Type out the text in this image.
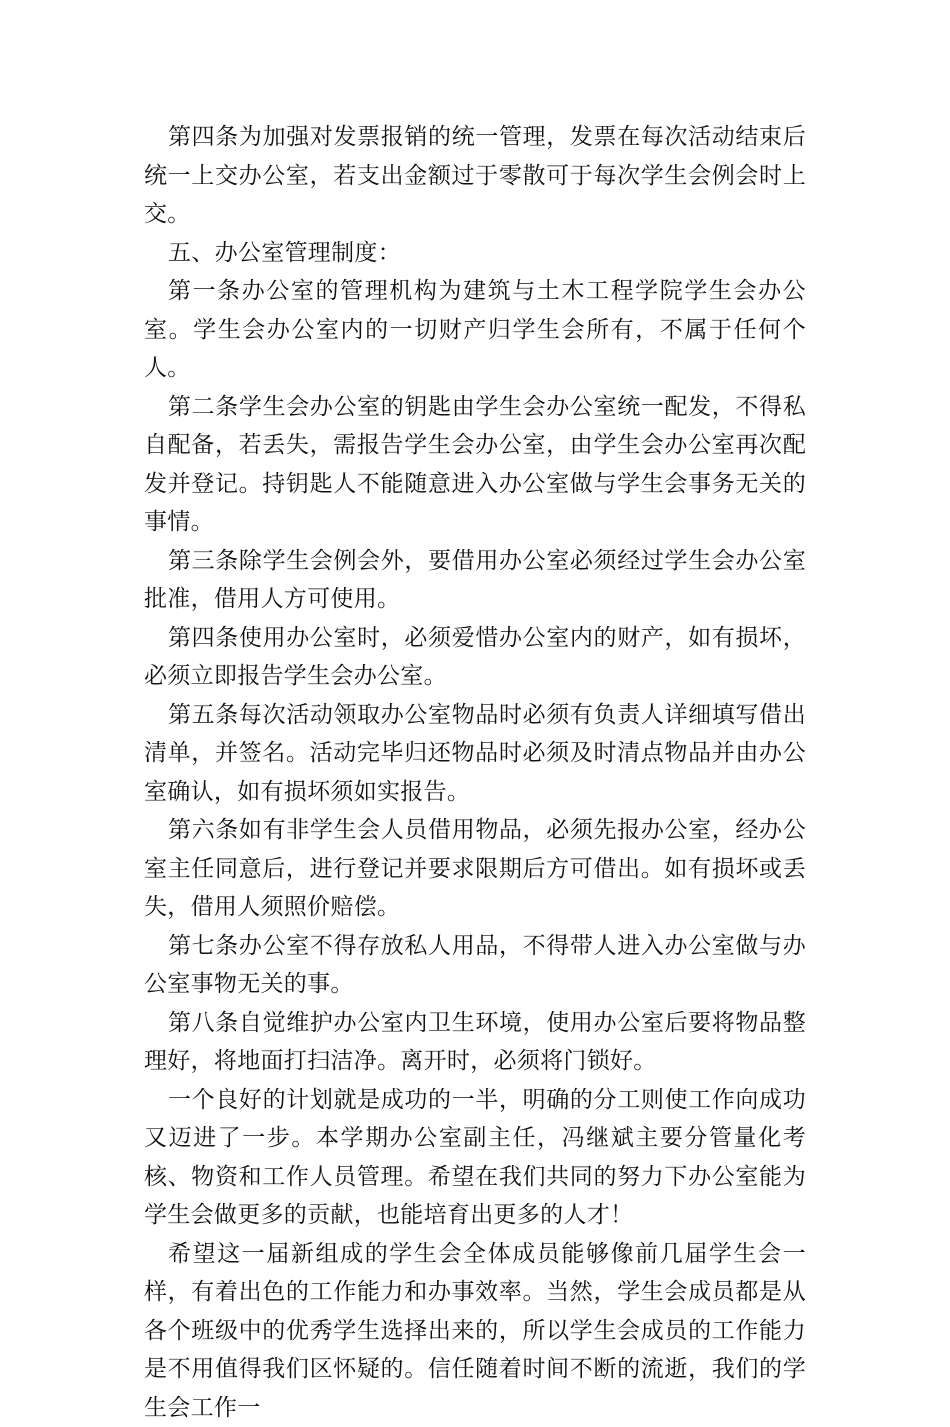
第四条为加强对发票报销的统一管理，发票在每次活动结束后统一上交办公室，若支出金额过于零散可于每次学生会例会时上交。

五、办公室管理制度：

第一条办公室的管理机构为建筑与土木工程学院学生会办公室。学生会办公室内的一切财产归学生会所有，不属于任何个人。

第二条学生会办公室的钥匙由学生会办公室统一配发，不得私自配备，若丢失，需报告学生会办公室，由学生会办公室再次配发并登记。持钥匙人不能随意进入办公室做与学生会事务无关的事情。

第三条除学生会例会外，要借用办公室必须经过学生会办公室批准，借用人方可使用。

第四条使用办公室时，必须爱惜办公室内的财产，如有损坏，必须立即报告学生会办公室。

第五条每次活动领取办公室物品时必须有负责人详细填写借出清单，并签名。活动完毕归还物品时必须及时清点物品并由办公室确认，如有损坏须如实报告。

第六条如有非学生会人员借用物品，必须先报办公室，经办公室主任同意后，进行登记并要求限期后方可借出。如有损坏或丢失，借用人须照价赔偿。

第七条办公室不得存放私人用品，不得带人进入办公室做与办公室事物无关的事。

第八条自觉维护办公室内卫生环境，使用办公室后要将物品整理好，将地面打扫洁净。离开时，必须将门锁好。

一个良好的计划就是成功的一半，明确的分工则使工作向成功又迈进了一步。本学期办公室副主任，冯继斌主要分管量化考核、物资和工作人员管理。希望在我们共同的努力下办公室能为学生会做更多的贡献，也能培育出更多的人才！

希望这一届新组成的学生会全体成员能够像前几届学生会一样，有着出色的工作能力和办事效率。当然，学生会成员都是从各个班级中的优秀学生选择出来的，所以学生会成员的工作能力是不用值得我们区怀疑的。信任随着时间不断的流逝，我们的学生会工作一
